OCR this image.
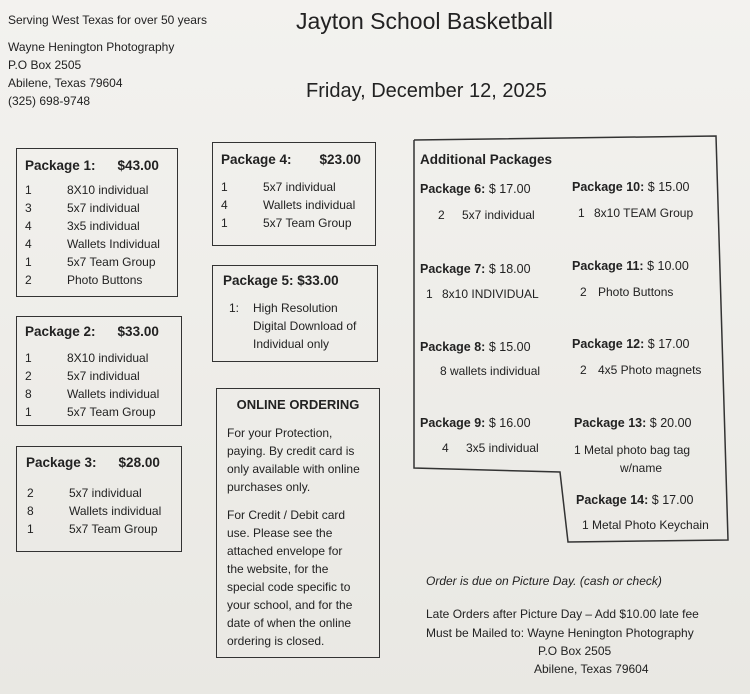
Serving West Texas for over 50 years
Wayne Henington Photography
P.O Box 2505
Abilene, Texas 79604
(325) 698-9748
Jayton School Basketball
Friday, December 12, 2025
Package 1: $43.00
1	8X10 individual
3	5x7 individual
4	3x5 individual
4	Wallets Individual
1	5x7 Team Group
2	Photo Buttons
Package 2: $33.00
1	8X10 individual
2	5x7 individual
8	Wallets individual
1	5x7 Team Group
Package 3: $28.00
2	5x7 individual
8	Wallets individual
1	5x7 Team Group
Package 4: $23.00
1	5x7 individual
4	Wallets individual
1	5x7 Team Group
Package 5: $33.00
1:	High Resolution
Digital Download of
Individual only
ONLINE ORDERING
For your Protection,
paying. By credit card is
only available with online
purchases only.
For Credit / Debit card
use. Please see the
attached envelope for
the website, for the
special code specific to
your school, and for the
date of when the online
ordering is closed.
Additional Packages
Package 6: $ 17.00
2 5x7 individual
Package 7: $ 18.00
1 8x10 INDIVIDUAL
Package 8: $ 15.00
8 wallets individual
Package 9: $ 16.00
4 3x5 individual
Package 10: $ 15.00
1 8x10 TEAM Group
Package 11: $ 10.00
2 Photo Buttons
Package 12: $ 17.00
2 4x5 Photo magnets
Package 13: $ 20.00
1 Metal photo bag tag
w/name
Package 14: $ 17.00
1 Metal Photo Keychain
Order is due on Picture Day. (cash or check)
Late Orders after Picture Day – Add $10.00 late fee
Must be Mailed to: Wayne Henington Photography
P.O Box 2505
Abilene, Texas 79604
